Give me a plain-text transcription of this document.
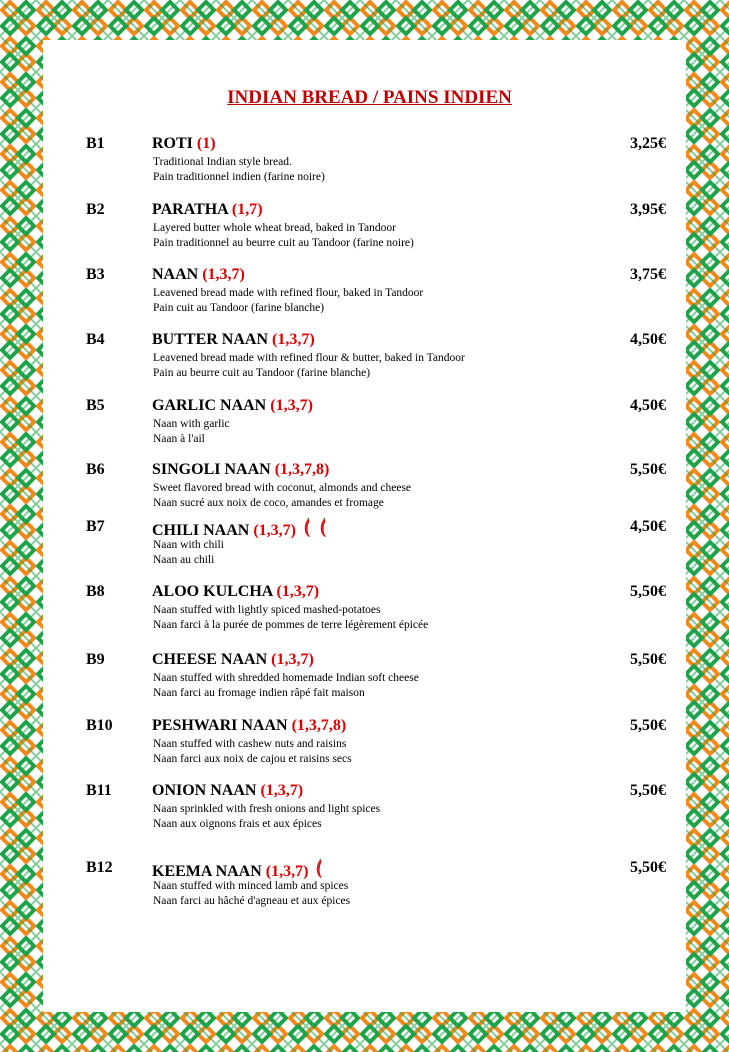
INDIAN BREAD / PAINS INDIEN
B1	ROTI (1)	3,25€
Traditional Indian style bread.
Pain traditionnel indien (farine noire)
B2	PARATHA (1,7)	3,95€
Layered butter whole wheat bread, baked in Tandoor
Pain traditionnel au beurre cuit au Tandoor (farine noire)
B3	NAAN (1,3,7)	3,75€
Leavened bread made with refined flour, baked in Tandoor
Pain cuit au Tandoor (farine blanche)
B4	BUTTER NAAN (1,3,7)	4,50€
Leavened bread made with refined flour & butter, baked in Tandoor
Pain au beurre cuit au Tandoor (farine blanche)
B5	GARLIC NAAN (1,3,7)	4,50€
Naan with garlic
Naan à l'ail
B6	SINGOLI NAAN (1,3,7,8)	5,50€
Sweet flavored bread with coconut, almonds and cheese
Naan sucré aux noix de coco, amandes et fromage
B7	CHILI NAAN (1,3,7)	4,50€
Naan with chili
Naan au chili
B8	ALOO KULCHA (1,3,7)	5,50€
Naan stuffed with lightly spiced mashed-potatoes
Naan farci à la purée de pommes de terre légèrement épicée
B9	CHEESE NAAN (1,3,7)	5,50€
Naan stuffed with shredded homemade Indian soft cheese
Naan farci au fromage indien râpé fait maison
B10 PESHWARI NAAN (1,3,7,8)	5,50€
Naan stuffed with cashew nuts and raisins
Naan farci aux noix de cajou et raisins secs
B11	ONION NAAN (1,3,7)	5,50€
Naan sprinkled with fresh onions and light spices
Naan aux oignons frais et aux épices
B12 KEEMA NAAN (1,3,7)	5,50€
Naan stuffed with minced lamb and spices
Naan farci au hâché d'agneau et aux épices
